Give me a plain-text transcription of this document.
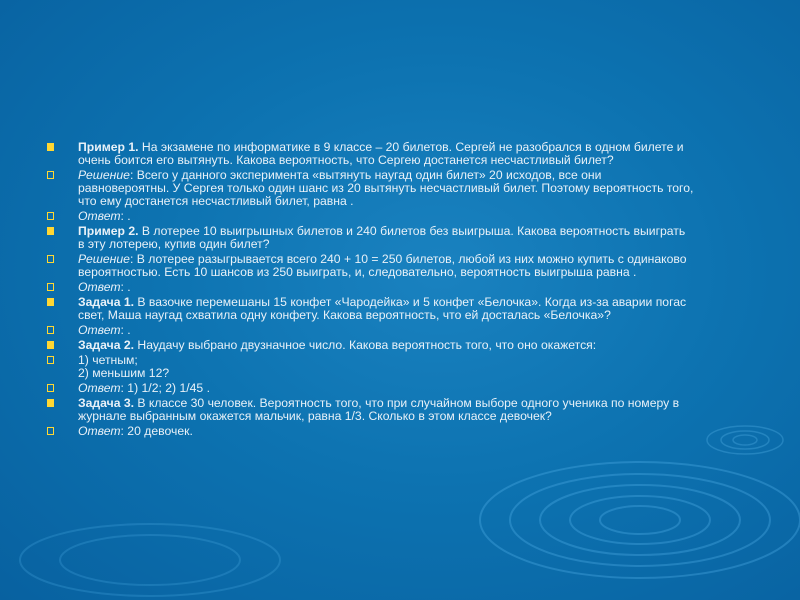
Пример 1. На экзамене по информатике в 9 классе – 20 билетов. Сергей не разобрался в одном билете и
очень боится его вытянуть. Какова вероятность, что Сергею достанется несчастливый билет?
Решение: Всего у данного эксперимента «вытянуть наугад один билет» 20 исходов, все они
равновероятны. У Сергея только один шанс из 20 вытянуть несчастливый билет. Поэтому вероятность того,
что ему достанется несчастливый билет, равна .
Ответ: .
Пример 2. В лотерее 10 выигрышных билетов и 240 билетов без выигрыша. Какова вероятность выиграть
в эту лотерею, купив один билет?
Решение: В лотерее разыгрывается всего 240 + 10 = 250 билетов, любой из них можно купить с одинаково
вероятностью. Есть 10 шансов из 250 выиграть, и, следовательно, вероятность выигрыша равна .
Ответ: .
Задача 1. В вазочке перемешаны 15 конфет «Чародейка» и 5 конфет «Белочка». Когда из-за аварии погас
свет, Маша наугад схватила одну конфету. Какова вероятность, что ей досталась «Белочка»?
Ответ: .
Задача 2. Наудачу выбрано двузначное число. Какова вероятность того, что оно окажется:
1) четным;
2) меньшим 12?
Ответ: 1) 1/2; 2) 1/45 .
Задача 3. В классе 30 человек. Вероятность того, что при случайном выборе одного ученика по номеру в
журнале выбранным окажется мальчик, равна 1/3. Сколько в этом классе девочек?
Ответ: 20 девочек.
